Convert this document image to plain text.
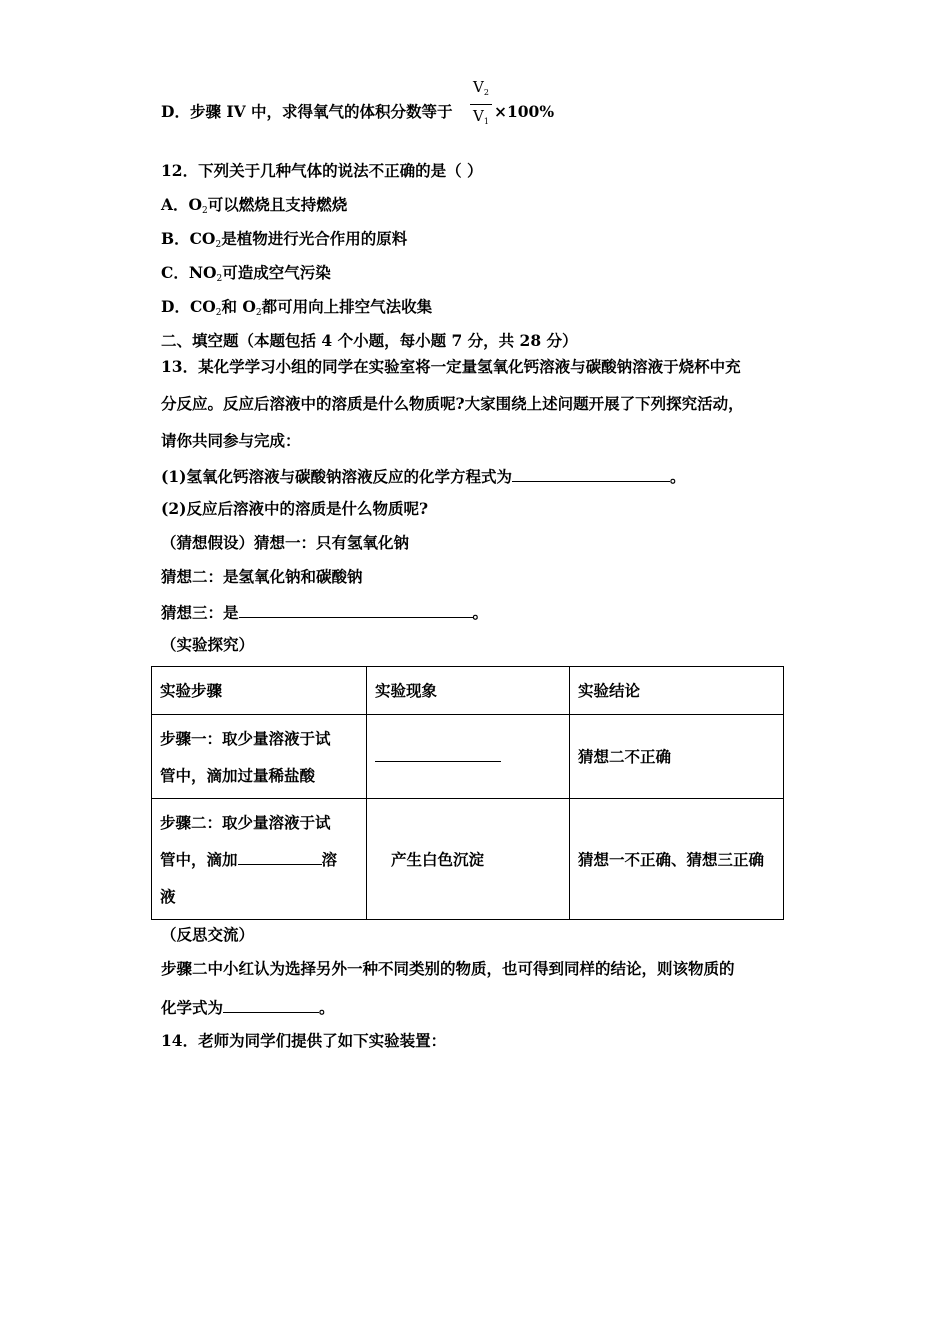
D．步骤 IV 中，求得氧气的体积分数等于
$V_2$
$V_1$
×100%
12．下列关于几种气体的说法不正确的是（ ）
A．$O_2$可以燃烧且支持燃烧
B．$CO_2$是植物进行光合作用的原料
C．$NO_2$可造成空气污染
D．$CO_2$和 $O_2$都可用向上排空气法收集
二、填空题（本题包括 4 个小题，每小题 7 分，共 28 分）
13．某化学学习小组的同学在实验室将一定量氢氧化钙溶液与碳酸钠溶液于烧杯中充
分反应。反应后溶液中的溶质是什么物质呢?大家围绕上述问题开展了下列探究活动，
请你共同参与完成：
(1)氢氧化钙溶液与碳酸钠溶液反应的化学方程式为	。
(2)反应后溶液中的溶质是什么物质呢?
（猜想假设）猜想一：只有氢氧化钠
猜想二：是氢氧化钠和碳酸钠
猜想三：是	。
（实验探究）
实验步骤	实验现象	实验结论

步骤一：取少量溶液于试
管中，滴加过量稀盐酸		猜想二不正确

步骤二：取少量溶液于试
管中，滴加 溶
液	产生白色沉淀	猜想一不正确、猜想三正确
（反思交流）
步骤二中小红认为选择另外一种不同类别的物质，也可得到同样的结论，则该物质的
化学式为	。
14．老师为同学们提供了如下实验装置：
